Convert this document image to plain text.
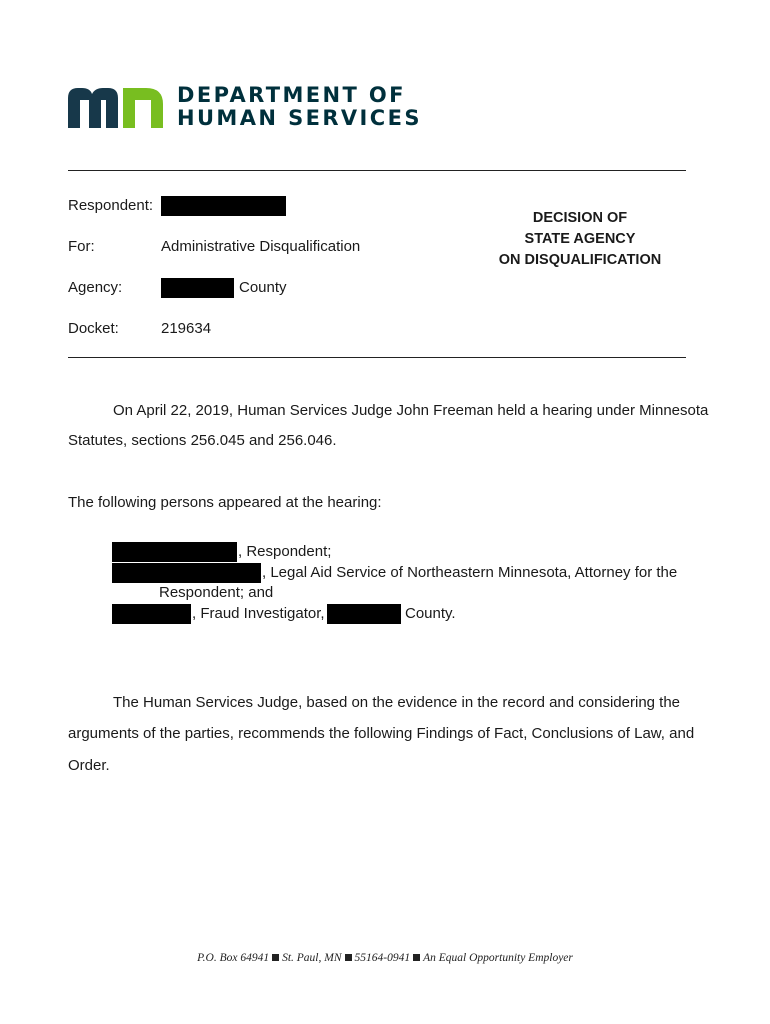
DEPARTMENT OF
HUMAN SERVICES
Respondent:
For:	Administrative Disqualification
Agency:	County
Docket:	219634
DECISION OF
STATE AGENCY
ON DISQUALIFICATION
On April 22, 2019, Human Services Judge John Freeman held a hearing under Minnesota
Statutes, sections 256.045 and 256.046.
The following persons appeared at the hearing:
, Respondent;
, Legal Aid Service of Northeastern Minnesota, Attorney for the
Respondent; and
, Fraud Investigator,	County.
The Human Services Judge, based on the evidence in the record and considering the
arguments of the parties, recommends the following Findings of Fact, Conclusions of Law, and
Order.
P.O. Box 64941 St. Paul, MN 55164-0941 An Equal Opportunity Employer
